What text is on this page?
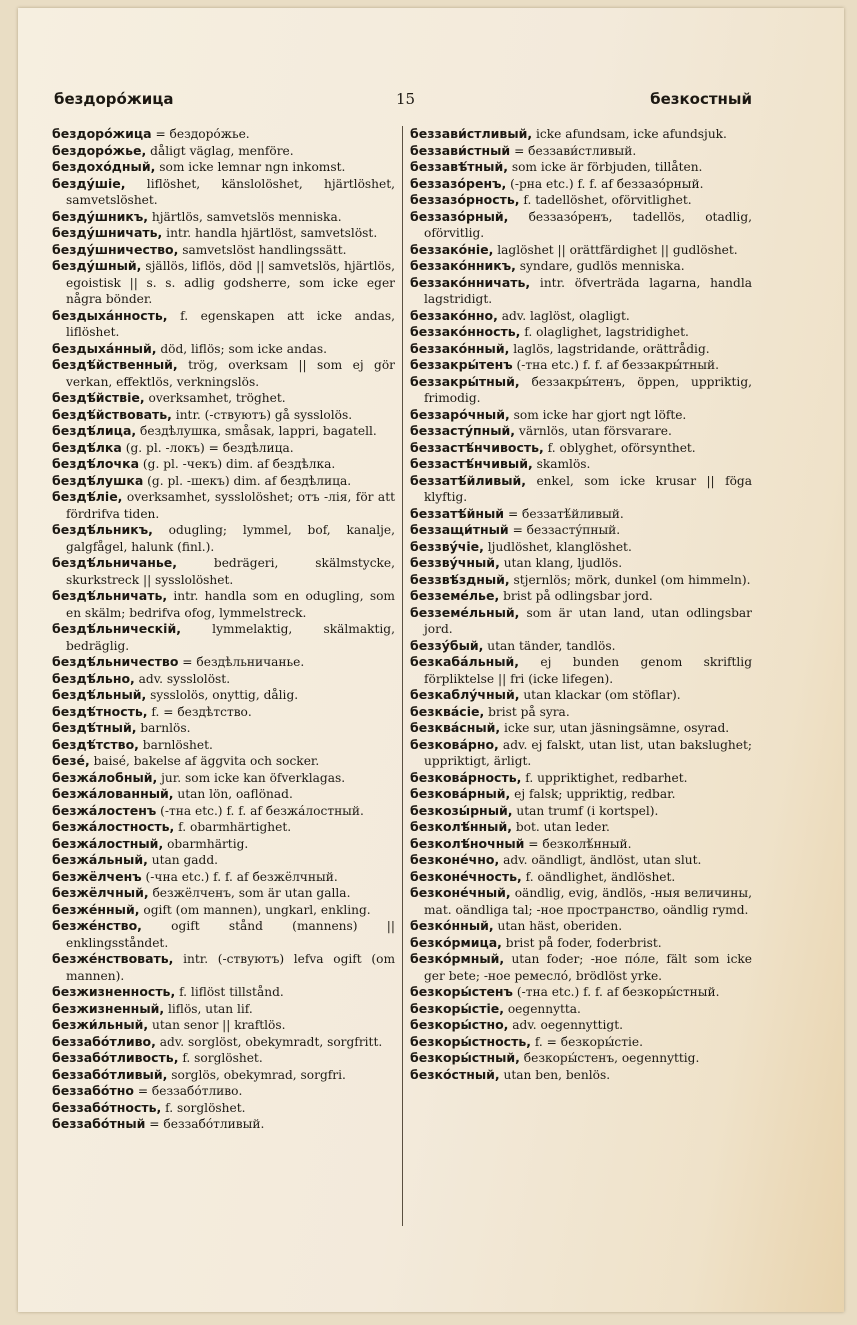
бездорóжица	15	безкостный

бездорóжица = бездорóжье.

бездорóжье, dåligt väglag, menföre.

бездохóдный, som icke lemnar ngn inkomst.

бездýшіе, liflöshet, känslolöshet, hjärtlöshet, samvetslöshet.

бездýшникъ, hjärtlös, samvetslös menniska.

бездýшничать, intr. handla hjärtlöst, samvetslöst.

бездýшничество, samvetslöst handlingssätt.

бездýшный, själlös, liflös, död || samvetslös, hjärtlös, egoistisk || s. s. adlig godsherre, som icke eger några bönder.

бездыхáнность, f. egenskapen att icke andas, liflöshet.

бездыхáнный, död, liflös; som icke andas.

бездѣ́йственный, trög, overksam || som ej gör verkan, effektlös, verkningslös.

бездѣ́йствіе, overksamhet, tröghet.

бездѣ́йствовать, intr. (-ствуютъ) gå sysslolös.

бездѣ́лица, бездѣлушка, småsak, lappri, bagatell.

бездѣ́лка (g. pl. -локъ) = бездѣлица.

бездѣ́лочка (g. pl. -чекъ) dim. af бездѣлка.

бездѣ́лушка (g. pl. -шекъ) dim. af бездѣлица.

бездѣ́ліе, overksamhet, sysslolöshet; отъ -лія, för att fördrifva tiden.

бездѣ́льникъ, odugling; lymmel, bof, kanalje, galgfågel, halunk (finl.).

бездѣ́льничанье, bedrägeri, skälmstycke, skurkstreck || sysslolöshet.

бездѣ́льничать, intr. handla som en odugling, som en skälm; bedrifva ofog, lymmelstreck.

бездѣ́льническій, lymmelaktig, skälmaktig, bedräglig.

бездѣ́льничество = бездѣльничанье.

бездѣ́льно, adv. sysslolöst.

бездѣ́льный, sysslolös, onyttig, dålig.

бездѣ́тность, f. = бездѣтство.

бездѣ́тный, barnlös.

бездѣ́тство, barnlöshet.

безé, baisé, bakelse af äggvita och socker.

безжáлобный, jur. som icke kan öfverklagas.

безжáлованный, utan lön, oaflönad.

безжáлостенъ (-тна etc.) f. f. af безжáлостный.

безжáлостность, f. obarmhärtighet.

безжáлостный, obarmhärtig.

безжáльный, utan gadd.

безжёлченъ (-чна etc.) f. f. af безжёлчный.

безжёлчный, безжёлченъ, som är utan galla.

безжéнный, ogift (om mannen), ungkarl, enkling.

безжéнство, ogift stånd (mannens) || enklingsståndet.

безжéнствовать, intr. (-ствуютъ) lefva ogift (om mannen).

безжизненность, f. liflöst tillstånd.

безжизненный, liflös, utan lif.

безжи́льный, utan senor || kraftlös.

беззабóтливо, adv. sorglöst, obekymradt, sorgfritt.

беззабóтливость, f. sorglöshet.

беззабóтливый, sorglös, obekymrad, sorgfri.

беззабóтно = беззабóтливо.

беззабóтность, f. sorglöshet.

беззабóтный = беззабóтливый.

беззави́стливый, icke afundsam, icke afundsjuk.

беззави́стный = беззави́стливый.

беззавѣ́тный, som icke är förbjuden, tillåten.

беззазóренъ, (-рна etc.) f. f. af беззазóрный.

беззазóрность, f. tadellöshet, oförvitlighet.

беззазóрный, беззазóренъ, tadellös, otadlig, oförvitlig.

беззакóніе, laglöshet || orättfärdighet || gudlöshet.

беззакóнникъ, syndare, gudlös menniska.

беззакóнничать, intr. öfverträda lagarna, handla lagstridigt.

беззакóнно, adv. laglöst, olagligt.

беззакóнность, f. olaglighet, lagstridighet.

беззакóнный, laglös, lagstridande, orättrådig.

беззакры́тенъ (-тна etc.) f. f. af беззакры́тный.

беззакры́тный, беззакры́тенъ, öppen, uppriktig, frimodig.

беззарóчный, som icke har gjort ngt löfte.

беззастýпный, värnlös, utan försvarare.

беззастѣ́нчивость, f. oblyghet, oförsynthet.

беззастѣ́нчивый, skamlös.

беззатѣ́йливый, enkel, som icke krusar || föga klyftig.

беззатѣ́йный = беззатѣ́йливый.

беззащи́тный = беззастýпный.

беззвýчіе, ljudlöshet, klanglöshet.

беззвýчный, utan klang, ljudlös.

беззвѣ́здный, stjernlös; mörk, dunkel (om himmeln).

безземéлье, brist på odlingsbar jord.

безземéльный, som är utan land, utan odlingsbar jord.

беззýбый, utan tänder, tandlös.

безкабáльный, ej bunden genom skriftlig förpliktelse || fri (icke lifegen).

безкаблýчный, utan klackar (om stöflar).

безквáсіе, brist på syra.

безквáсный, icke sur, utan jäsningsämne, osyrad.

безковáрно, adv. ej falskt, utan list, utan bakslughet; uppriktigt, ärligt.

безковáрность, f. uppriktighet, redbarhet.

безковáрный, ej falsk; uppriktig, redbar.

безкозы́рный, utan trumf (i kortspel).

безколѣ́нный, bot. utan leder.

безколѣ́ночный = безколѣ́нный.

безконéчно, adv. oändligt, ändlöst, utan slut.

безконéчность, f. oändlighet, ändlöshet.

безконéчный, oändlig, evig, ändlös, -ныя величины, mat. oändliga tal; -ное пространство, oändlig rymd.

безкóнный, utan häst, oberiden.

безкóрмица, brist på foder, foderbrist.

безкóрмный, utan foder; -ное пóле, fält som icke ger bete; -ное ремеслó, brödlöst yrke.

безкоры́стенъ (-тна etc.) f. f. af безкоры́стный.

безкоры́стіе, oegennytta.

безкоры́стно, adv. oegennyttigt.

безкоры́стность, f. = безкоры́стіе.

безкоры́стный, безкоры́стенъ, oegennyttig.

безкóстный, utan ben, benlös.
